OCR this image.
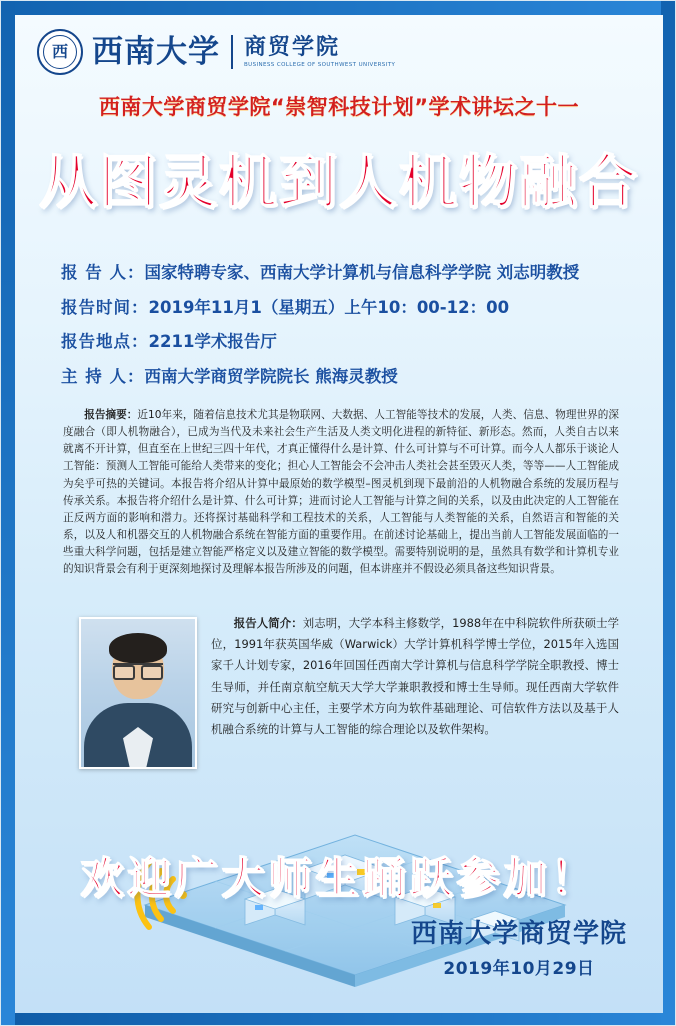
西 西南大学 商贸学院
BUSINESS COLLEGE OF SOUTHWEST UNIVERSITY
西南大学商贸学院“崇智科技计划”学术讲坛之十一
从图灵机到人机物融合
报 告 人：国家特聘专家、西南大学计算机与信息科学学院 刘志明教授
报告时间：2019年11月1（星期五）上午10：00-12：00
报告地点：2211学术报告厅
主 持 人：西南大学商贸学院院长 熊海灵教授
报告摘要：近10年来，随着信息技术尤其是物联网、大数据、人工智能等技术的发展，人类、信息、物理世界的深度融合（即人机物融合），已成为当代及未来社会生产生活及人类文明化进程的新特征、新形态。然而，人类自古以来就离不开计算，但直至在上世纪三四十年代，才真正懂得什么是计算、什么可计算与不可计算。而今人人都乐于谈论人工智能：预测人工智能可能给人类带来的变化；担心人工智能会不会冲击人类社会甚至毁灭人类，等等——人工智能成为矣乎可热的关键词。本报告将介绍从计算中最原始的数学模型–图灵机到现下最前沿的人机物融合系统的发展历程与传承关系。本报告将介绍什么是计算、什么可计算；进而讨论人工智能与计算之间的关系，以及由此决定的人工智能在正反两方面的影响和潜力。还将探讨基础科学和工程技术的关系，人工智能与人类智能的关系，自然语言和智能的关系，以及人和机器交互的人机物融合系统在智能方面的重要作用。在前述讨论基础上，提出当前人工智能发展面临的一些重大科学问题，包括是建立智能严格定义以及建立智能的数学模型。需要特别说明的是，虽然具有数学和计算机专业的知识背景会有利于更深刻地探讨及理解本报告所涉及的问题，但本讲座并不假设必须具备这些知识背景。
报告人简介：刘志明，大学本科主修数学，1988年在中科院软件所获硕士学位，1991年获英国华威（Warwick）大学计算机科学博士学位，2015年入选国家千人计划专家，2016年回国任西南大学计算机与信息科学学院全职教授、博士生导师，并任南京航空航天大学大学兼职教授和博士生导师。现任西南大学软件研究与创新中心主任，主要学术方向为软件基础理论、可信软件方法以及基于人机融合系统的计算与人工智能的综合理论以及软件架构。
欢迎广大师生踊跃参加！
西南大学商贸学院
2019年10月29日
